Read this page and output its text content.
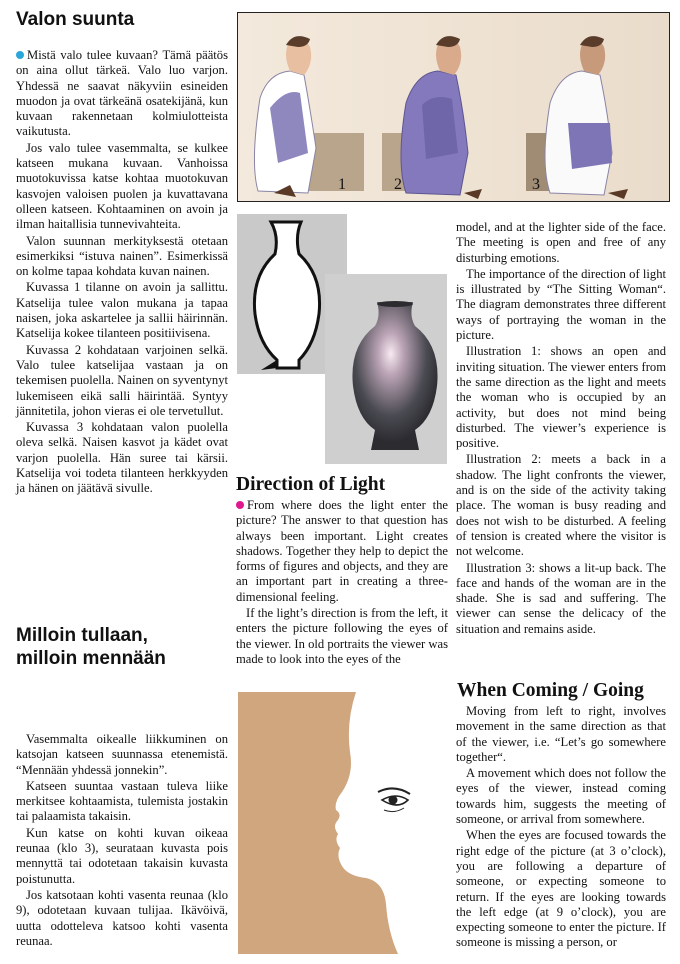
Valon suunta

Mistä valo tulee kuvaan? Tämä päätös on aina ollut tärkeä. Valo luo varjon. Yhdessä ne saavat näkyviin esineiden muodon ja ovat tärkeänä osatekijänä, kun kuvaan rakennetaan kolmiulotteista vaikutusta.

Jos valo tulee vasemmalta, se kulkee katseen mukana kuvaan. Vanhoissa muotokuvissa katse kohtaa muotokuvan kasvojen valoisen puolen ja kuvattavana olleen katseen. Kohtaaminen on avoin ja ilman haitallisia tunnevivahteita.

Valon suunnan merkityksestä otetaan esimerkiksi “istuva nainen”. Esimerkissä on kolme tapaa kohdata kuvan nainen.

Kuvassa 1 tilanne on avoin ja sallittu. Katselija tulee valon mukana ja tapaa naisen, joka askartelee ja sallii häirinnän. Katselija kokee tilanteen positiivisena.

Kuvassa 2 kohdataan varjoinen selkä. Valo tulee katselijaa vastaan ja on tekemisen puolella. Nainen on syventynyt lukemiseen eikä salli häirintää. Syntyy jännitetila, johon vieras ei ole tervetullut.

Kuvassa 3 kohdataan valon puolella oleva selkä. Naisen kasvot ja kädet ovat varjon puolella. Hän suree tai kärsii. Katselija voi todeta tilanteen herkkyyden ja hänen on jäätävä sivulle.

Milloin tullaan,
milloin mennään

Vasemmalta oikealle liikkuminen on katsojan katseen suunnassa etenemistä. “Mennään yhdessä jonnekin”.

Katseen suuntaa vastaan tuleva liike merkitsee kohtaamista, tulemista jostakin tai palaamista takaisin.

Kun katse on kohti kuvan oikeaa reunaa (klo 3), seurataan kuvasta pois mennyttä tai odotetaan takaisin kuvasta poistunutta.

Jos katsotaan kohti vasenta reunaa (klo 9), odotetaan kuvaan tulijaa. Ikävöivä, uutta odotteleva katsoo kohti vasenta reunaa.

1	2	3
Direction of Light

From where does the light enter the picture? The answer to that question has always been important. Light creates shadows. Together they help to depict the forms of figures and objects, and they are an important part in creating a three-dimensional feeling.

If the light’s direction is from the left, it enters the picture following the eyes of the viewer. In old portraits the viewer was made to look into the eyes of the

model, and at the lighter side of the face. The meeting is open and free of any disturbing emotions.

The importance of the direction of light is illustrated by “The Sitting Woman“. The diagram demonstrates three different ways of portraying the woman in the picture.

Illustration 1: shows an open and inviting situation. The viewer enters from the same direction as the light and meets the woman who is occupied by an activity, but does not mind being disturbed. The viewer’s experience is positive.

Illustration 2: meets a back in a shadow. The light confronts the viewer, and is on the side of the activity taking place. The woman is busy reading and does not wish to be disturbed. A feeling of tension is created where the visitor is not welcome.

Illustration 3: shows a lit-up back. The face and hands of the woman are in the shade. She is sad and suffering. The viewer can sense the delicacy of the situation and remains aside.

When Coming / Going

Moving from left to right, involves movement in the same direction as that of the viewer, i.e. “Let’s go somewhere together“.

A movement which does not follow the eyes of the viewer, instead coming towards him, suggests the meeting of someone, or arrival from somewhere.

When the eyes are focused towards the right edge of the picture (at 3 o’clock), you are following a departure of someone, or expecting someone to return. If the eyes are looking towards the left edge (at 9 o’clock), you are expecting someone to enter the picture. If someone is missing a person, or
